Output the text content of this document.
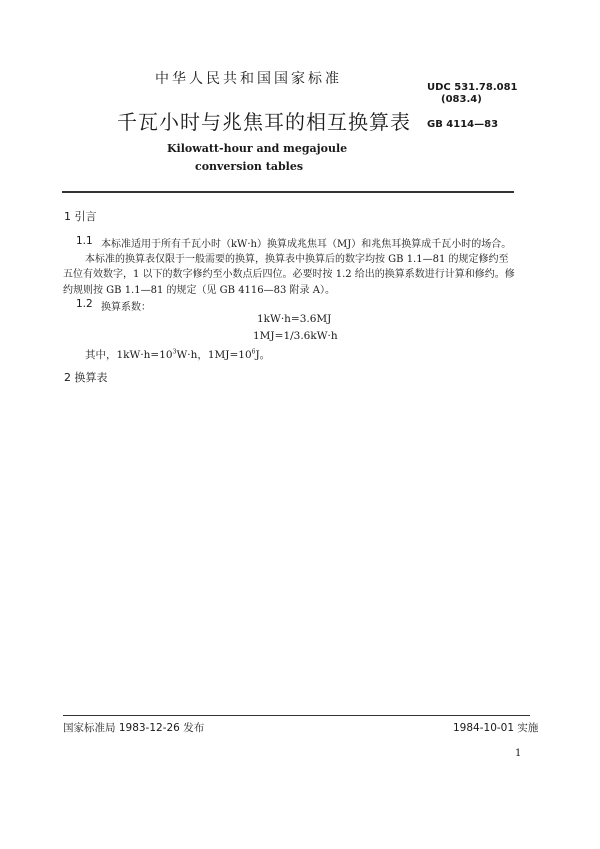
中华人民共和国国家标准
千瓦小时与兆焦耳的相互换算表
Kilowatt-hour and megajoule
conversion tables
UDC 531.78.081
(083.4)
GB 4114—83
1 引言
1.1 本标准适用于所有千瓦小时（kW·h）换算成兆焦耳（MJ）和兆焦耳换算成千瓦小时的场合。
本标准的换算表仅限于一般需要的换算，换算表中换算后的数字均按 GB 1.1—81 的规定修约至
五位有效数字，1 以下的数字修约至小数点后四位。必要时按 1.2 给出的换算系数进行计算和修约。修
约规则按 GB 1.1—81 的规定（见 GB 4116—83 附录 A）。
1.2 换算系数：
1kW·h=3.6MJ
1MJ=1/3.6kW·h
其中，$1kW\cdot h=10^3W\cdot h$，$1MJ=10^6J$。
2 换算表
国家标准局 1983-12-26 发布	1984-10-01 实施
1
